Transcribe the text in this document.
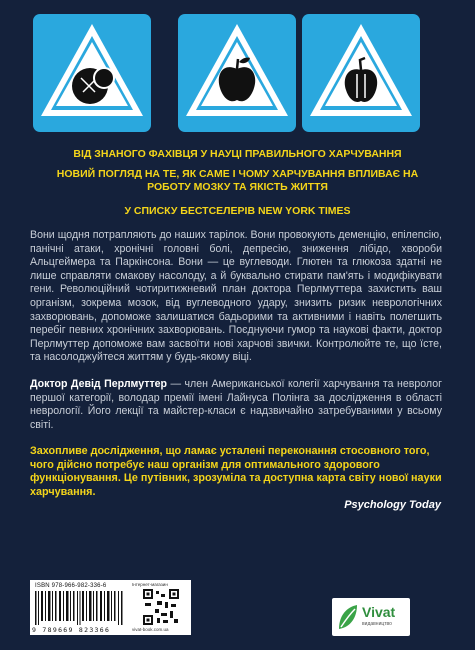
ВІД ЗНАНОГО ФАХІВЦЯ У НАУЦІ ПРАВИЛЬНОГО ХАРЧУВАННЯ

НОВИЙ ПОГЛЯД НА ТЕ, ЯК САМЕ І ЧОМУ ХАРЧУВАННЯ ВПЛИВАЄ НА РОБОТУ МОЗКУ ТА ЯКІСТЬ ЖИТТЯ

У СПИСКУ БЕСТСЕЛЕРІВ NEW YORK TIMES

Вони щодня потрапляють до наших тарілок. Вони провокують деменцію, епілепсію, панічні атаки, хронічні головні болі, депресію, зниження лібідо, хвороби Альцгеймера та Паркінсона. Вони — це вуглеводи. Глютен та глюкоза здатні не лише справляти смакову насолоду, а й буквально стирати пам'ять і модифікувати гени. Революційний чотиритижневий план доктора Перлмуттера захистить ваш організм, зокрема мозок, від вуглеводного удару, знизить ризик неврологічних захворювань, допоможе залишатися бадьорими та активними і навіть полегшить перебіг певних хронічних захворювань. Поєднуючи гумор та наукові факти, доктор Перлмуттер допоможе вам засвоїти нові харчові звички. Контролюйте те, що їсте, та насолоджуйтеся життям у будь-якому віці.

Доктор Девід Перлмуттер — член Американської колегії харчування та невролог першої категорії, володар премії імені Лайнуса Полінга за дослідження в області неврології. Його лекції та майстер-класи є надзвичайно затребуваними у всьому світі.

Захопливе дослідження, що ламає усталені переконання стосовного того, чого дійсно потребує наш організм для оптимального здорового функціонування. Це путівник, зрозуміла та доступна карта світу нової науки харчування.

Psychology Today

ISBN 978-966-982-336-6
9 789669 823366
Інтернет-магазин
vivat-book.com.ua
Vivat
видавництво
